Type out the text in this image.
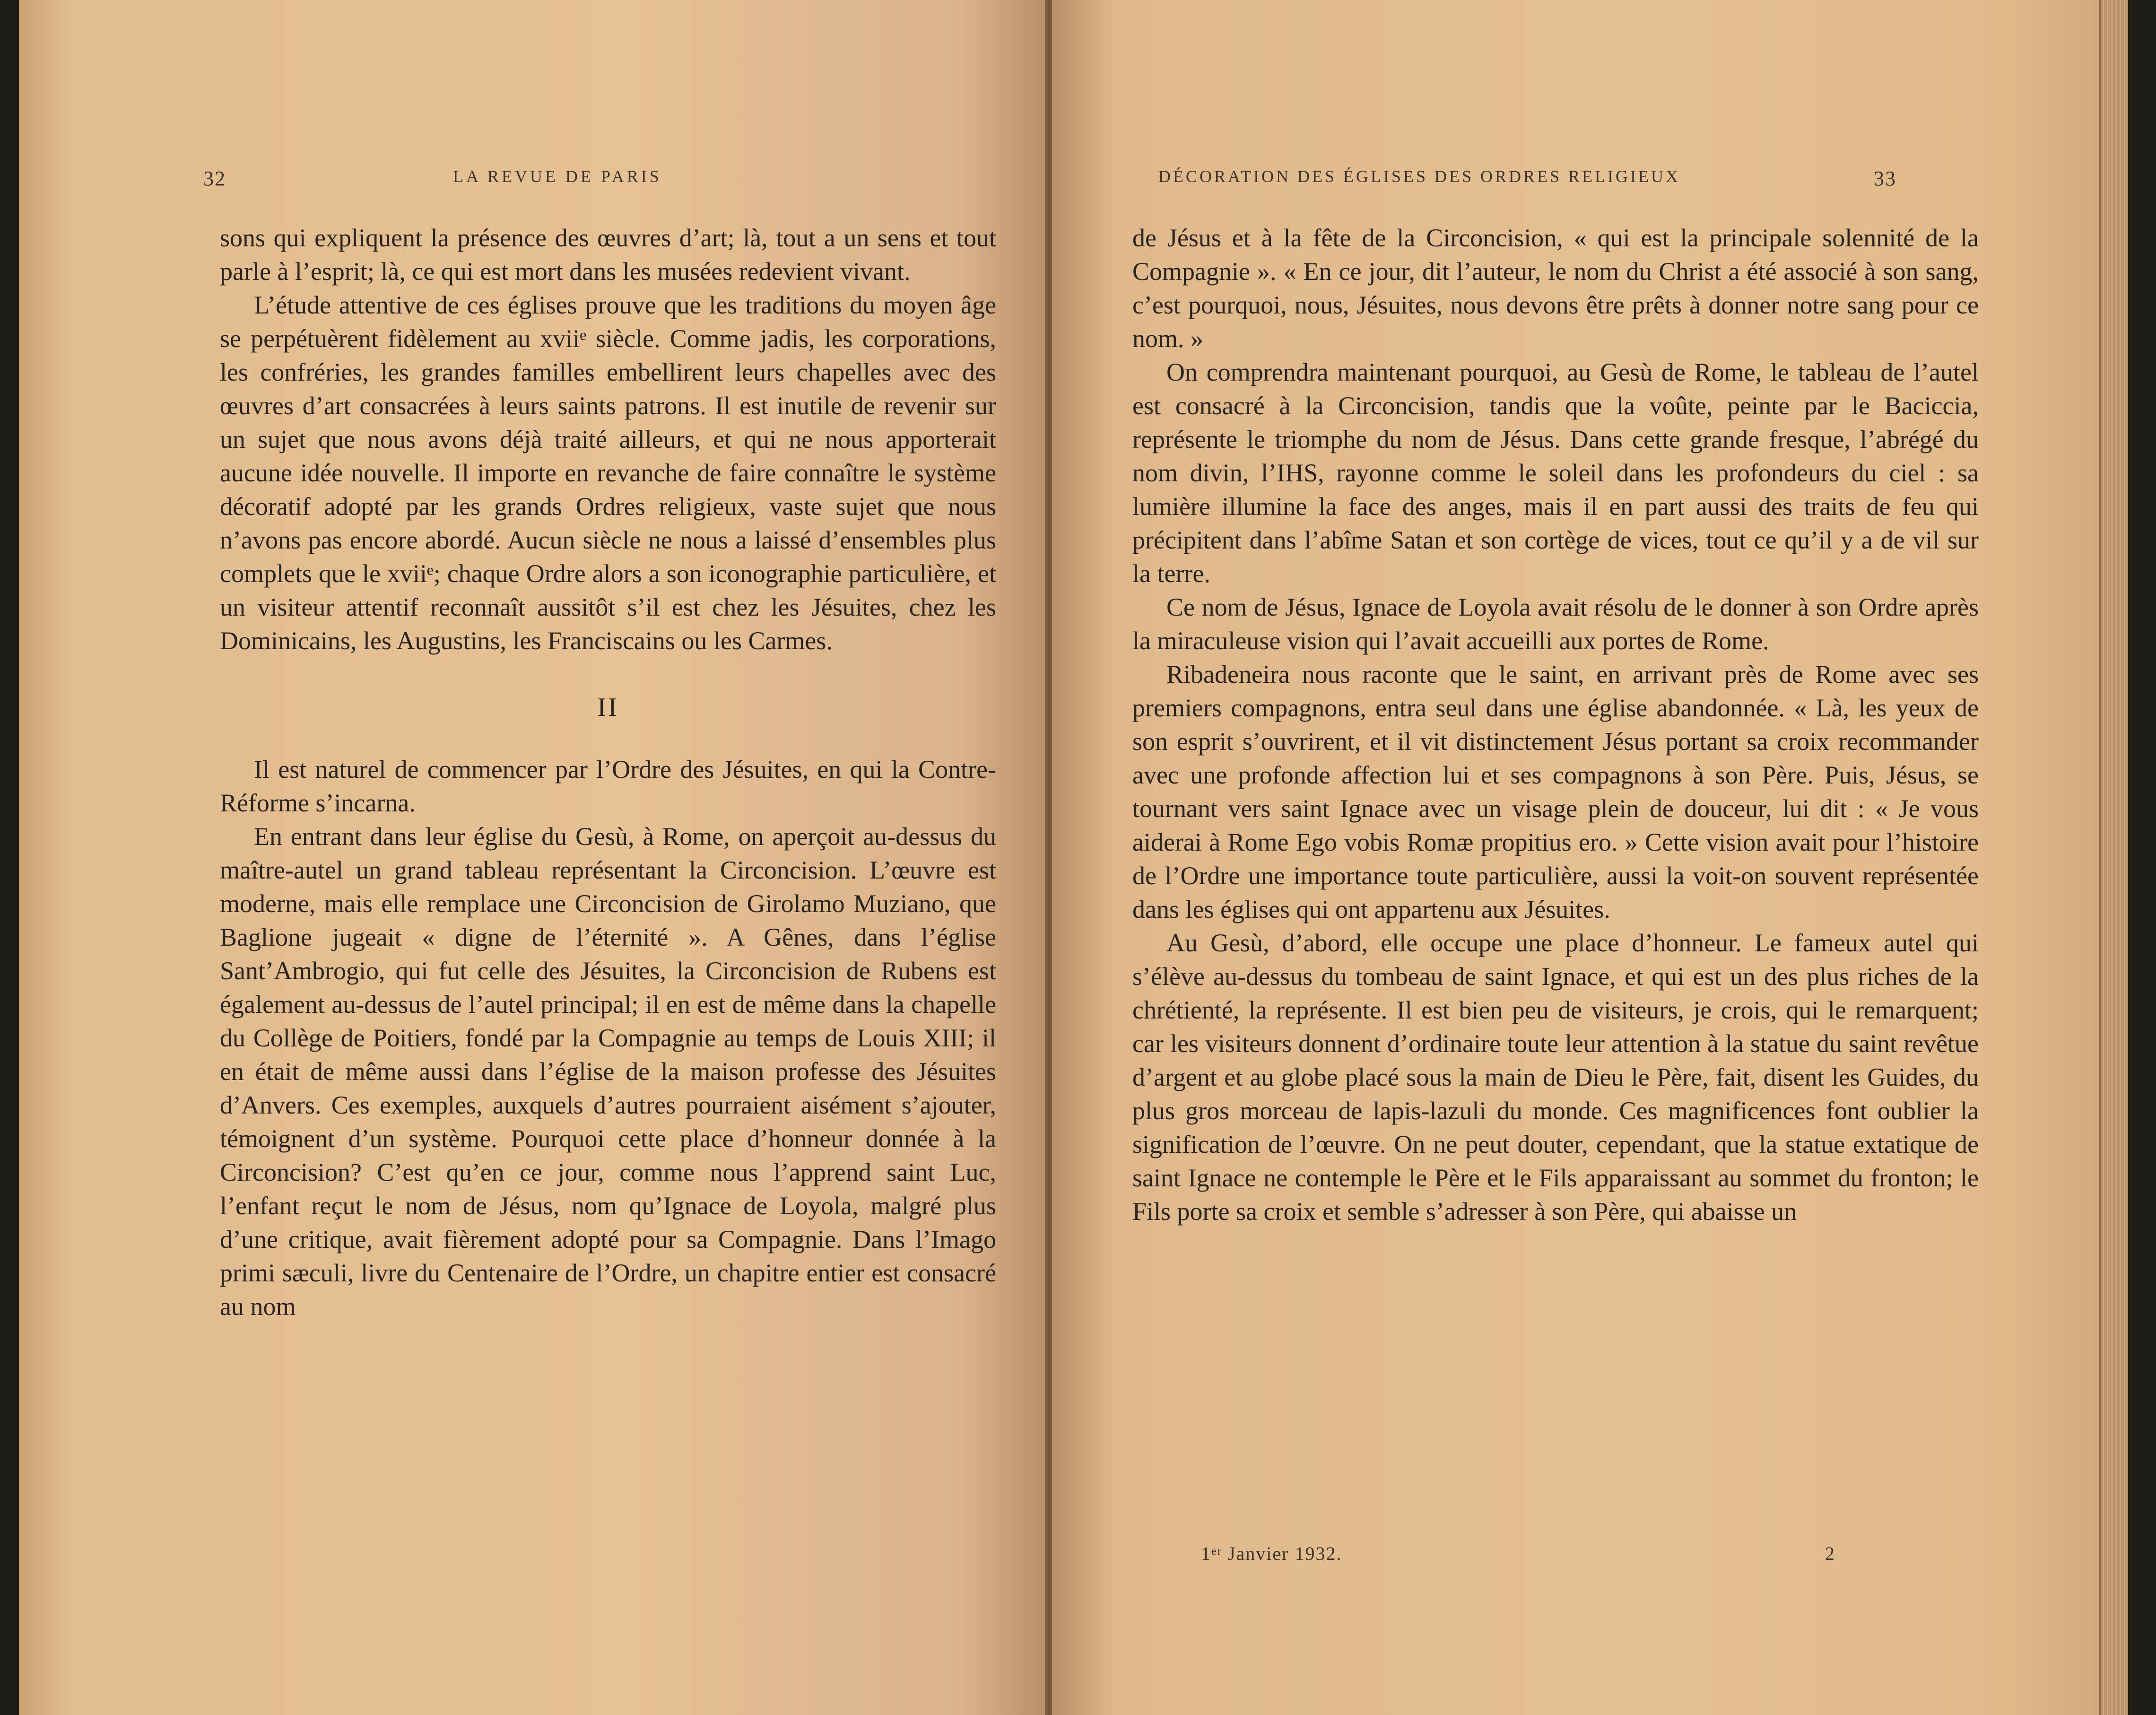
32	LA REVUE DE PARIS

sons qui expliquent la présence des œuvres d’art; là, tout a un sens et tout parle à l’esprit; là, ce qui est mort dans les musées redevient vivant.

L’étude attentive de ces églises prouve que les traditions du moyen âge se perpétuèrent fidèlement au xviiᵉ siècle. Comme jadis, les corporations, les confréries, les grandes familles embellirent leurs chapelles avec des œuvres d’art consacrées à leurs saints patrons. Il est inutile de revenir sur un sujet que nous avons déjà traité ailleurs, et qui ne nous apporterait aucune idée nouvelle. Il importe en revanche de faire connaître le système décoratif adopté par les grands Ordres religieux, vaste sujet que nous n’avons pas encore abordé. Aucun siècle ne nous a laissé d’ensembles plus complets que le xviiᵉ; chaque Ordre alors a son iconographie particulière, et un visiteur attentif reconnaît aussitôt s’il est chez les Jésuites, chez les Dominicains, les Augustins, les Franciscains ou les Carmes.

II

Il est naturel de commencer par l’Ordre des Jésuites, en qui la Contre-Réforme s’incarna.

En entrant dans leur église du Gesù, à Rome, on aperçoit au-dessus du maître-autel un grand tableau représentant la Circoncision. L’œuvre est moderne, mais elle remplace une Circoncision de Girolamo Muziano, que Baglione jugeait « digne de l’éternité ». A Gênes, dans l’église Sant’Ambrogio, qui fut celle des Jésuites, la Circoncision de Rubens est également au-dessus de l’autel principal; il en est de même dans la chapelle du Collège de Poitiers, fondé par la Compagnie au temps de Louis XIII; il en était de même aussi dans l’église de la maison professe des Jésuites d’Anvers. Ces exemples, auxquels d’autres pourraient aisément s’ajouter, témoignent d’un système. Pourquoi cette place d’honneur donnée à la Circoncision? C’est qu’en ce jour, comme nous l’apprend saint Luc, l’enfant reçut le nom de Jésus, nom qu’Ignace de Loyola, malgré plus d’une critique, avait fièrement adopté pour sa Compagnie. Dans l’Imago primi sæculi, livre du Centenaire de l’Ordre, un chapitre entier est consacré au nom

DÉCORATION DES ÉGLISES DES ORDRES RELIGIEUX	33

de Jésus et à la fête de la Circoncision, « qui est la principale solennité de la Compagnie ». « En ce jour, dit l’auteur, le nom du Christ a été associé à son sang, c’est pourquoi, nous, Jésuites, nous devons être prêts à donner notre sang pour ce nom. »

On comprendra maintenant pourquoi, au Gesù de Rome, le tableau de l’autel est consacré à la Circoncision, tandis que la voûte, peinte par le Baciccia, représente le triomphe du nom de Jésus. Dans cette grande fresque, l’abrégé du nom divin, l’IHS, rayonne comme le soleil dans les profondeurs du ciel : sa lumière illumine la face des anges, mais il en part aussi des traits de feu qui précipitent dans l’abîme Satan et son cortège de vices, tout ce qu’il y a de vil sur la terre.

Ce nom de Jésus, Ignace de Loyola avait résolu de le donner à son Ordre après la miraculeuse vision qui l’avait accueilli aux portes de Rome.

Ribadeneira nous raconte que le saint, en arrivant près de Rome avec ses premiers compagnons, entra seul dans une église abandonnée. « Là, les yeux de son esprit s’ouvrirent, et il vit distinctement Jésus portant sa croix recommander avec une profonde affection lui et ses compagnons à son Père. Puis, Jésus, se tournant vers saint Ignace avec un visage plein de douceur, lui dit : « Je vous aiderai à Rome Ego vobis Romæ propitius ero. » Cette vision avait pour l’histoire de l’Ordre une importance toute particulière, aussi la voit-on souvent représentée dans les églises qui ont appartenu aux Jésuites.

Au Gesù, d’abord, elle occupe une place d’honneur. Le fameux autel qui s’élève au-dessus du tombeau de saint Ignace, et qui est un des plus riches de la chrétienté, la représente. Il est bien peu de visiteurs, je crois, qui le remarquent; car les visiteurs donnent d’ordinaire toute leur attention à la statue du saint revêtue d’argent et au globe placé sous la main de Dieu le Père, fait, disent les Guides, du plus gros morceau de lapis-lazuli du monde. Ces magnificences font oublier la signification de l’œuvre. On ne peut douter, cependant, que la statue extatique de saint Ignace ne contemple le Père et le Fils apparaissant au sommet du fronton; le Fils porte sa croix et semble s’adresser à son Père, qui abaisse un

1ᵉʳ Janvier 1932.	2
